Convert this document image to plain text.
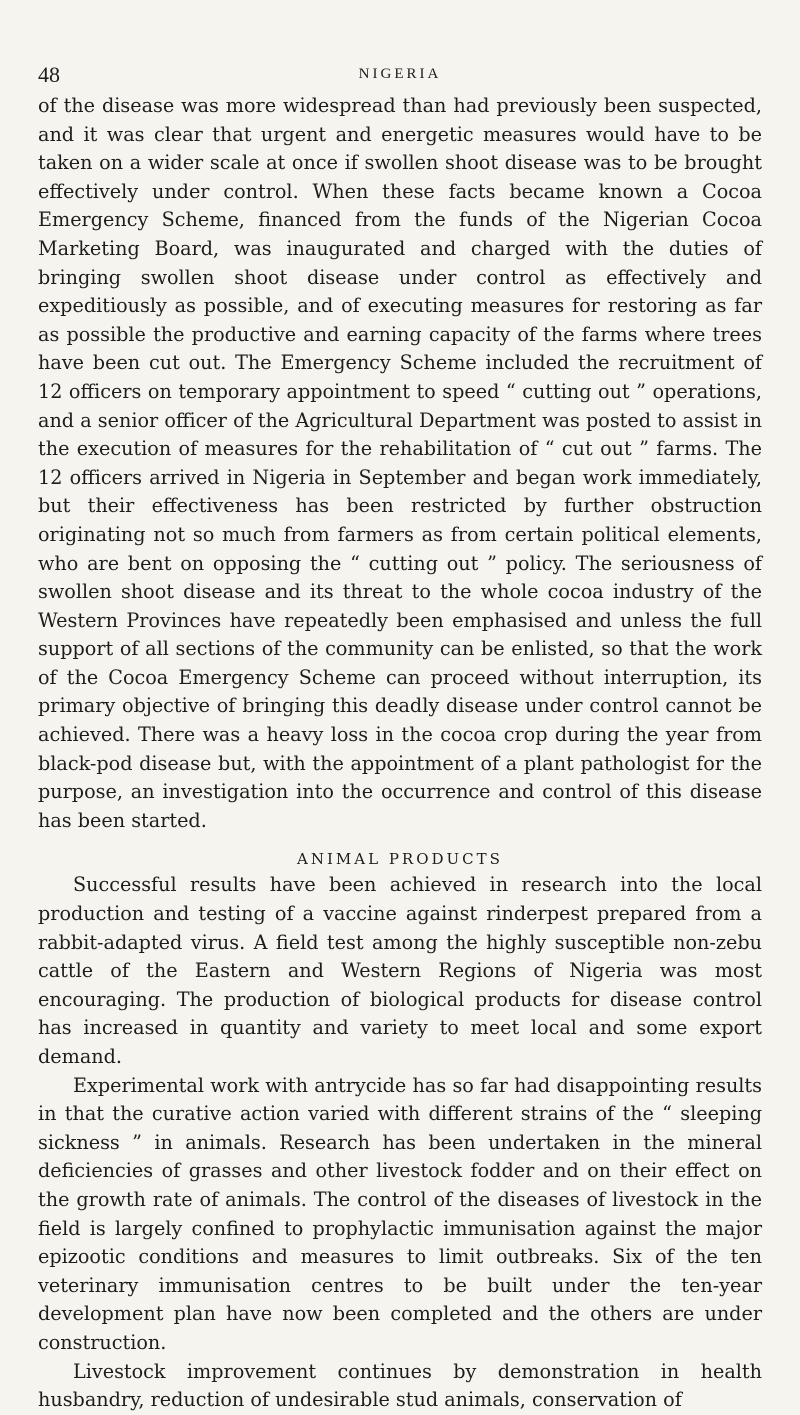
48	NIGERIA

of the disease was more widespread than had previously been suspected, and it was clear that urgent and energetic measures would have to be taken on a wider scale at once if swollen shoot disease was to be brought effectively under control. When these facts became known a Cocoa Emergency Scheme, financed from the funds of the Nigerian Cocoa Marketing Board, was inaugurated and charged with the duties of bringing swollen shoot disease under control as effectively and expeditiously as possible, and of executing measures for restoring as far as possible the productive and earning capacity of the farms where trees have been cut out. The Emergency Scheme included the recruitment of 12 officers on temporary appointment to speed “ cutting out ” operations, and a senior officer of the Agricultural Department was posted to assist in the execution of measures for the rehabilitation of “ cut out ” farms. The 12 officers arrived in Nigeria in September and began work immediately, but their effectiveness has been restricted by further obstruction originating not so much from farmers as from certain political elements, who are bent on opposing the “ cutting out ” policy. The seriousness of swollen shoot disease and its threat to the whole cocoa industry of the Western Provinces have repeatedly been emphasised and unless the full support of all sections of the community can be enlisted, so that the work of the Cocoa Emergency Scheme can proceed without interruption, its primary objective of bringing this deadly disease under control cannot be achieved. There was a heavy loss in the cocoa crop during the year from black-pod disease but, with the appointment of a plant pathologist for the purpose, an investigation into the occurrence and control of this disease has been started.

ANIMAL PRODUCTS

Successful results have been achieved in research into the local production and testing of a vaccine against rinderpest prepared from a rabbit-adapted virus. A field test among the highly susceptible non-zebu cattle of the Eastern and Western Regions of Nigeria was most encouraging. The production of biological products for disease control has increased in quantity and variety to meet local and some export demand.

Experimental work with antrycide has so far had disappointing results in that the curative action varied with different strains of the “ sleeping sickness ” in animals. Research has been undertaken in the mineral deficiencies of grasses and other livestock fodder and on their effect on the growth rate of animals. The control of the diseases of livestock in the field is largely confined to prophylactic immunisation against the major epizootic conditions and measures to limit outbreaks. Six of the ten veterinary immunisation centres to be built under the ten-year development plan have now been completed and the others are under construction.

Livestock improvement continues by demonstration in health husbandry, reduction of undesirable stud animals, conservation of
